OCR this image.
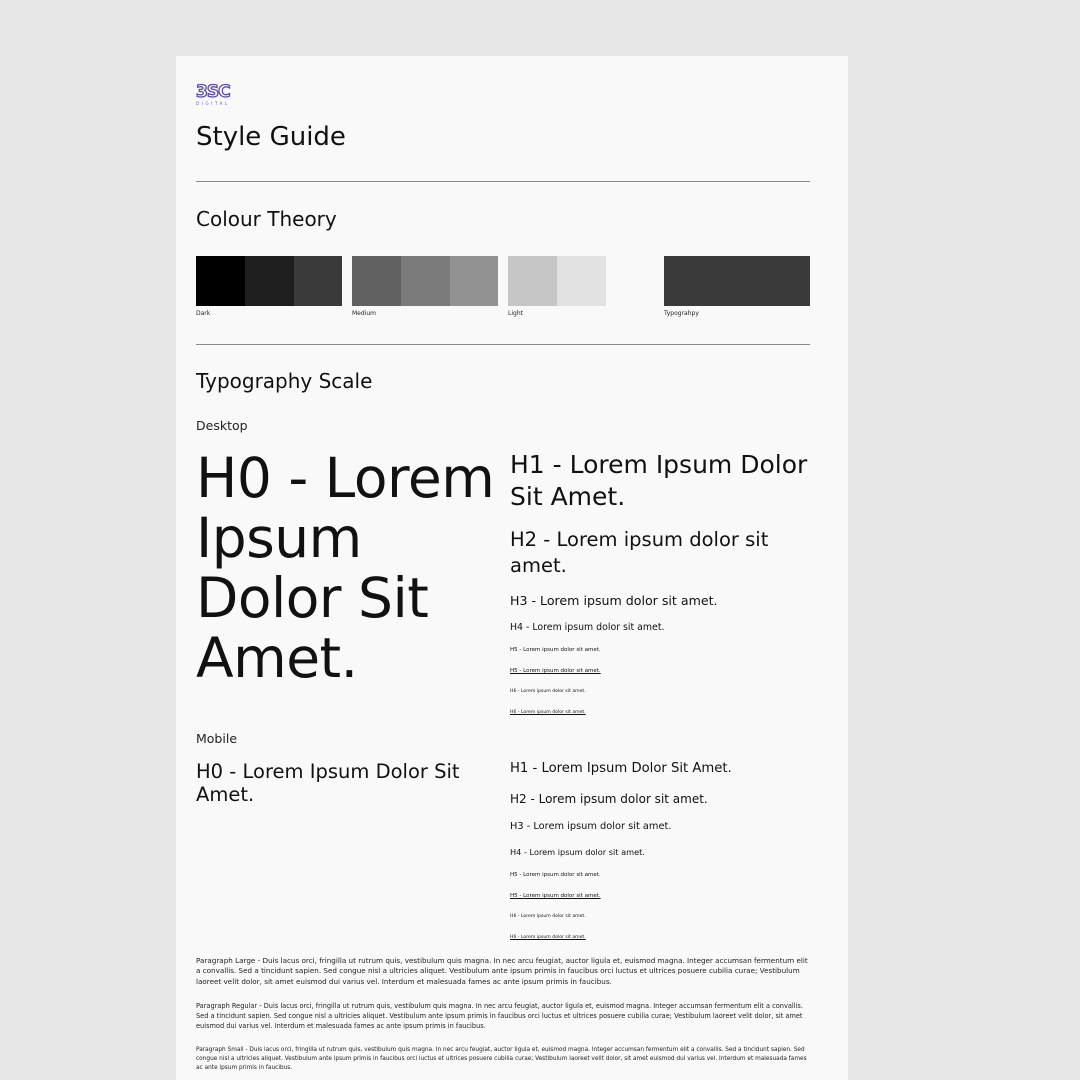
3SC
DIGITAL
Style Guide
Colour Theory
Dark	Medium	Light	Typograhpy
Typography Scale
Desktop
H0 - Lorem Ipsum Dolor Sit Amet.
H1 - Lorem Ipsum Dolor Sit Amet.
H2 - Lorem ipsum dolor sit amet.
H3 - Lorem ipsum dolor sit amet.
H4 - Lorem ipsum dolor sit amet.
H5 - Lorem ipsum dolor sit amet.
H5 - Lorem ipsum dolor sit amet.
H6 - Lorem ipsum dolor sit amet.
H6 - Lorem ipsum dolor sit amet.
Mobile
H0 - Lorem Ipsum Dolor Sit Amet.
H1 - Lorem Ipsum Dolor Sit Amet.
H2 - Lorem ipsum dolor sit amet.
H3 - Lorem ipsum dolor sit amet.
H4 - Lorem ipsum dolor sit amet.
H5 - Lorem ipsum dolor sit amet.
H5 - Lorem ipsum dolor sit amet.
H6 - Lorem ipsum dolor sit amet.
H6 - Lorem ipsum dolor sit amet.
Paragraph Large - Duis lacus orci, fringilla ut rutrum quis, vestibulum quis magna. In nec arcu feugiat, auctor ligula et, euismod magna. Integer accumsan fermentum elit a convallis. Sed a tincidunt sapien. Sed congue nisl a ultricies aliquet. Vestibulum ante ipsum primis in faucibus orci luctus et ultrices posuere cubilia curae; Vestibulum laoreet velit dolor, sit amet euismod dui varius vel. Interdum et malesuada fames ac ante ipsum primis in faucibus.
Paragraph Regular - Duis lacus orci, fringilla ut rutrum quis, vestibulum quis magna. In nec arcu feugiat, auctor ligula et, euismod magna. Integer accumsan fermentum elit a convallis. Sed a tincidunt sapien. Sed congue nisl a ultricies aliquet. Vestibulum ante ipsum primis in faucibus orci luctus et ultrices posuere cubilia curae; Vestibulum laoreet velit dolor, sit amet euismod dui varius vel. Interdum et malesuada fames ac ante ipsum primis in faucibus.
Paragraph Small - Duis lacus orci, fringilla ut rutrum quis, vestibulum quis magna. In nec arcu feugiat, auctor ligula et, euismod magna. Integer accumsan fermentum elit a convallis. Sed a tincidunt sapien. Sed congue nisl a ultricies aliquet. Vestibulum ante ipsum primis in faucibus orci luctus et ultrices posuere cubilia curae; Vestibulum laoreet velit dolor, sit amet euismod dui varius vel. Interdum et malesuada fames ac ante ipsum primis in faucibus.
